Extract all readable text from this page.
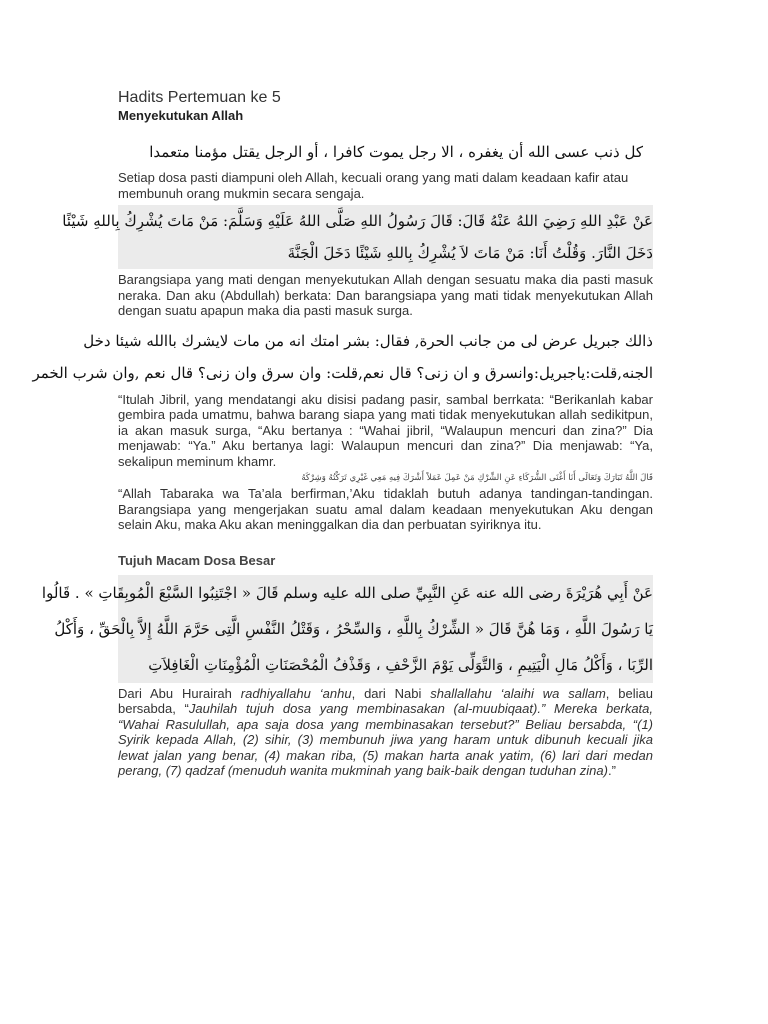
Hadits Pertemuan ke 5
Menyekutukan Allah
كل ذنب عسى الله أن يغفره ، الا رجل يموت كافرا ، أو الرجل يقتل مؤمنا متعمدا

Setiap dosa pasti diampuni oleh Allah, kecuali orang yang mati dalam keadaan kafir atau membunuh orang mukmin secara sengaja.

عَنْ عَبْدِ اللهِ رَضِيَ اللهُ عَنْهُ قَالَ: قَالَ رَسُولُ اللهِ صَلَّى اللهُ عَلَيْهِ وَسَلَّمَ: مَنْ مَاتَ يُشْرِكُ بِاللهِ شَيْئًا
دَخَلَ النَّارَ. وَقُلْتُ أَنَا: مَنْ مَاتَ لاَ يُشْرِكُ بِاللهِ شَيْئًا دَخَلَ الْجَنَّةَ

Barangsiapa yang mati dengan menyekutukan Allah dengan sesuatu maka dia pasti masuk neraka. Dan aku (Abdullah) berkata: Dan barangsiapa yang mati tidak menyekutukan Allah dengan suatu apapun maka dia pasti masuk surga.

ذالك جبريل عرض لى من جانب الحرة, فقال: بشر امتك انه من مات لايشرك باالله شيئا دخل
الجنه,قلت:ياجبريل:وانسرق و ان زنى؟ قال نعم,قلت: وان سرق وان زنى؟ قال نعم ,وان شرب الخمر

“Itulah Jibril, yang mendatangi aku disisi padang pasir, sambal berrkata: “Berikanlah kabar gembira pada umatmu, bahwa barang siapa yang mati tidak menyekutukan allah sedikitpun, ia akan masuk surga, “Aku bertanya : “Wahai jibril, “Walaupun mencuri dan zina?” Dia menjawab: “Ya.” Aku bertanya lagi: Walaupun mencuri dan zina?” Dia menjawab: “Ya, sekalipun meminum khamr.

قَالَ اللَّهُ تَبَارَكَ وَتَعَالَى أَنَا أَغْنَى الشُّرَكَاءِ عَنِ الشِّرْكِ مَنْ عَمِلَ عَمَلاً أَشْرَكَ فِيهِ مَعِي غَيْرِي تَرَكْتُهُ وَشِرْكَهُ

“Allah Tabaraka wa Ta’ala berfirman,’Aku tidaklah butuh adanya tandingan-tandingan. Barangsiapa yang mengerjakan suatu amal dalam keadaan menyekutukan Aku dengan selain Aku, maka Aku akan meninggalkan dia dan perbuatan syiriknya itu.

Tujuh Macam Dosa Besar
عَنْ أَبِي هُرَيْرَةَ رضى الله عنه عَنِ النَّبِيِّ صلى الله عليه وسلم قَالَ « اجْتَنِبُوا السَّبْعَ الْمُوبِقَاتِ » . قَالُوا
يَا رَسُولَ اللَّهِ ، وَمَا هُنَّ قَالَ « الشِّرْكُ بِاللَّهِ ، وَالسِّحْرُ ، وَقَتْلُ النَّفْسِ الَّتِى حَرَّمَ اللَّهُ إِلاَّ بِالْحَقِّ ، وَأَكْلُ
الرِّبَا ، وَأَكْلُ مَالِ الْيَتِيمِ ، وَالتَّوَلِّى يَوْمَ الزَّحْفِ ، وَقَذْفُ الْمُحْصَنَاتِ الْمُؤْمِنَاتِ الْغَافِلاَتِ

Dari Abu Hurairah radhiyallahu ‘anhu, dari Nabi shallallahu ‘alaihi wa sallam, beliau bersabda, “Jauhilah tujuh dosa yang membinasakan (al-muubiqaat).” Mereka berkata, “Wahai Rasulullah, apa saja dosa yang membinasakan tersebut?” Beliau bersabda, “(1) Syirik kepada Allah, (2) sihir, (3) membunuh jiwa yang haram untuk dibunuh kecuali jika lewat jalan yang benar, (4) makan riba, (5) makan harta anak yatim, (6) lari dari medan perang, (7) qadzaf (menuduh wanita mukminah yang baik-baik dengan tuduhan zina).”
